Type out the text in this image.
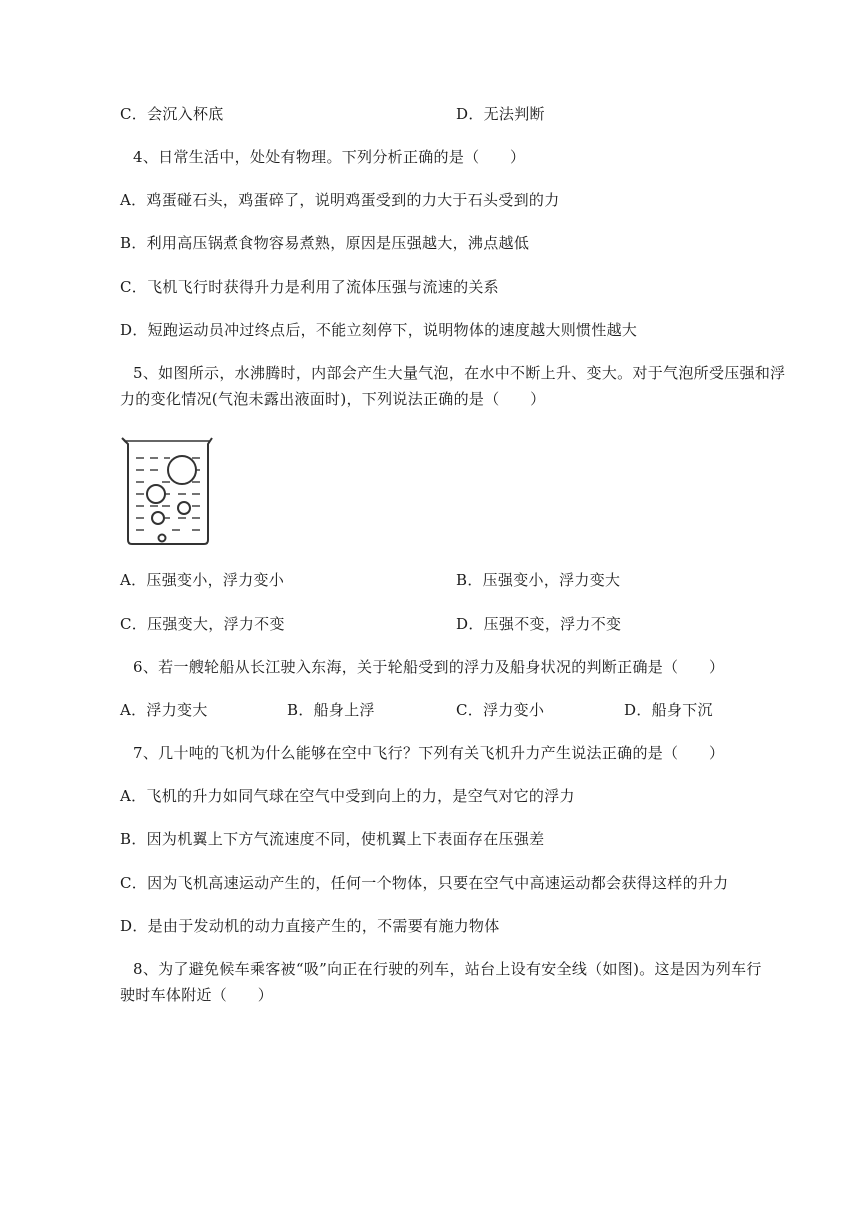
C．会沉入杯底	D．无法判断
4、日常生活中，处处有物理。下列分析正确的是（　　）
A．鸡蛋碰石头，鸡蛋碎了，说明鸡蛋受到的力大于石头受到的力
B．利用高压锅煮食物容易煮熟，原因是压强越大，沸点越低
C．飞机飞行时获得升力是利用了流体压强与流速的关系
D．短跑运动员冲过终点后，不能立刻停下，说明物体的速度越大则惯性越大
5、如图所示，水沸腾时，内部会产生大量气泡，在水中不断上升、变大。对于气泡所受压强和浮
力的变化情况(气泡未露出液面时)，下列说法正确的是（　　）
A．压强变小，浮力变小	B．压强变小，浮力变大
C．压强变大，浮力不变	D．压强不变，浮力不变
6、若一艘轮船从长江驶入东海，关于轮船受到的浮力及船身状况的判断正确是（　　）
A．浮力变大	B．船身上浮	C．浮力变小	D．船身下沉
7、几十吨的飞机为什么能够在空中飞行？下列有关飞机升力产生说法正确的是（　　）
A．飞机的升力如同气球在空气中受到向上的力，是空气对它的浮力
B．因为机翼上下方气流速度不同，使机翼上下表面存在压强差
C．因为飞机高速运动产生的，任何一个物体，只要在空气中高速运动都会获得这样的升力
D．是由于发动机的动力直接产生的，不需要有施力物体
8、为了避免候车乘客被“吸”向正在行驶的列车，站台上设有安全线（如图)。这是因为列车行
驶时车体附近（　　）
